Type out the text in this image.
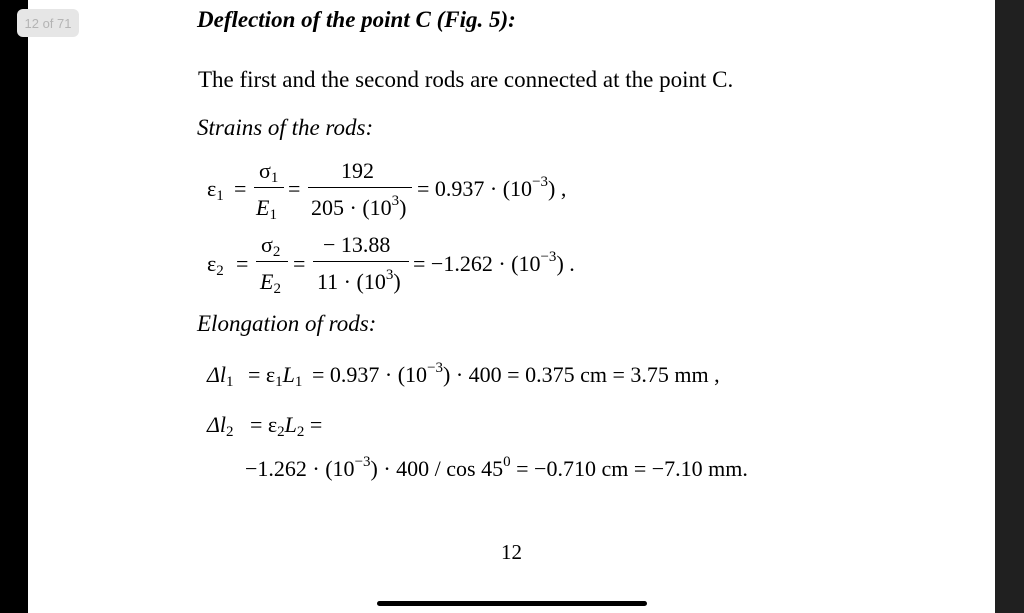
12 of 71	Deflection of the point C (Fig. 5):
The first and the second rods are connected at the point C.
Strains of the rods:
$\varepsilon_1$ =
$\sigma_1$
$E_1$
=
192
$205 \cdot (10^3)$
= $0.937 \cdot (10^{-3})$ ,
$\varepsilon_2$ =
$\sigma_2$
$E_2$
=
− 13.88
$11 \cdot (10^3)$
= $-1.262 \cdot (10^{-3})$ .
Elongation of rods:
$\Delta l_1 = \varepsilon_1L_1 = 0.937 \cdot (10^{-3}) \cdot 400 = 0.375$ cm = 3.75 mm ,
$\Delta l_2 = \varepsilon_2L_2$ =
$-1.262 \cdot (10^{-3}) \cdot 400 / \cos 45^0 = -0.710$ cm = −7.10 mm.
12
